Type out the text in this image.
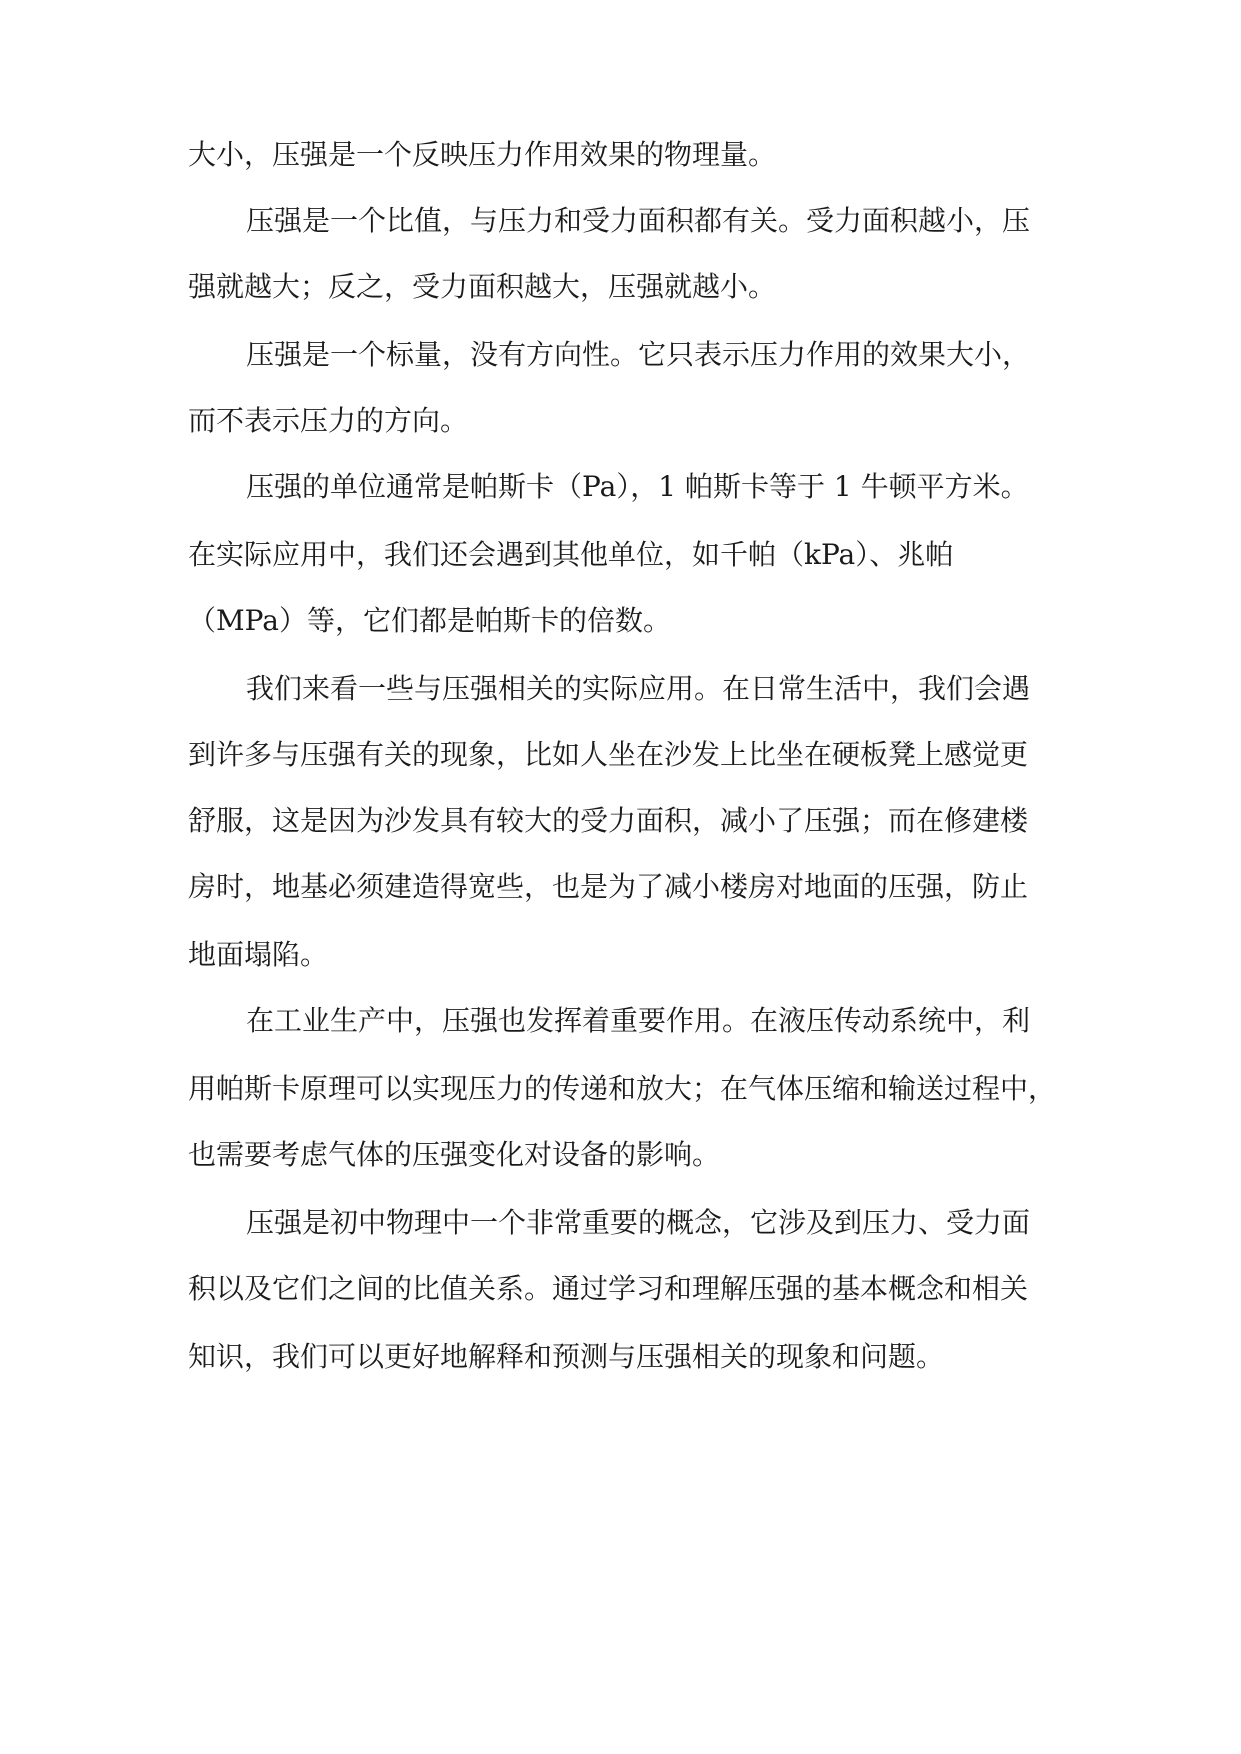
大小，压强是一个反映压力作用效果的物理量。
压强是一个比值，与压力和受力面积都有关。受力面积越小，压
强就越大；反之，受力面积越大，压强就越小。
压强是一个标量，没有方向性。它只表示压力作用的效果大小，
而不表示压力的方向。
压强的单位通常是帕斯卡（Pa），1 帕斯卡等于 1 牛顿平方米。
在实际应用中，我们还会遇到其他单位，如千帕（kPa）、兆帕
（MPa）等，它们都是帕斯卡的倍数。
我们来看一些与压强相关的实际应用。在日常生活中，我们会遇
到许多与压强有关的现象，比如人坐在沙发上比坐在硬板凳上感觉更
舒服，这是因为沙发具有较大的受力面积，减小了压强；而在修建楼
房时，地基必须建造得宽些，也是为了减小楼房对地面的压强，防止
地面塌陷。
在工业生产中，压强也发挥着重要作用。在液压传动系统中，利
用帕斯卡原理可以实现压力的传递和放大；在气体压缩和输送过程中，
也需要考虑气体的压强变化对设备的影响。
压强是初中物理中一个非常重要的概念，它涉及到压力、受力面
积以及它们之间的比值关系。通过学习和理解压强的基本概念和相关
知识，我们可以更好地解释和预测与压强相关的现象和问题。
